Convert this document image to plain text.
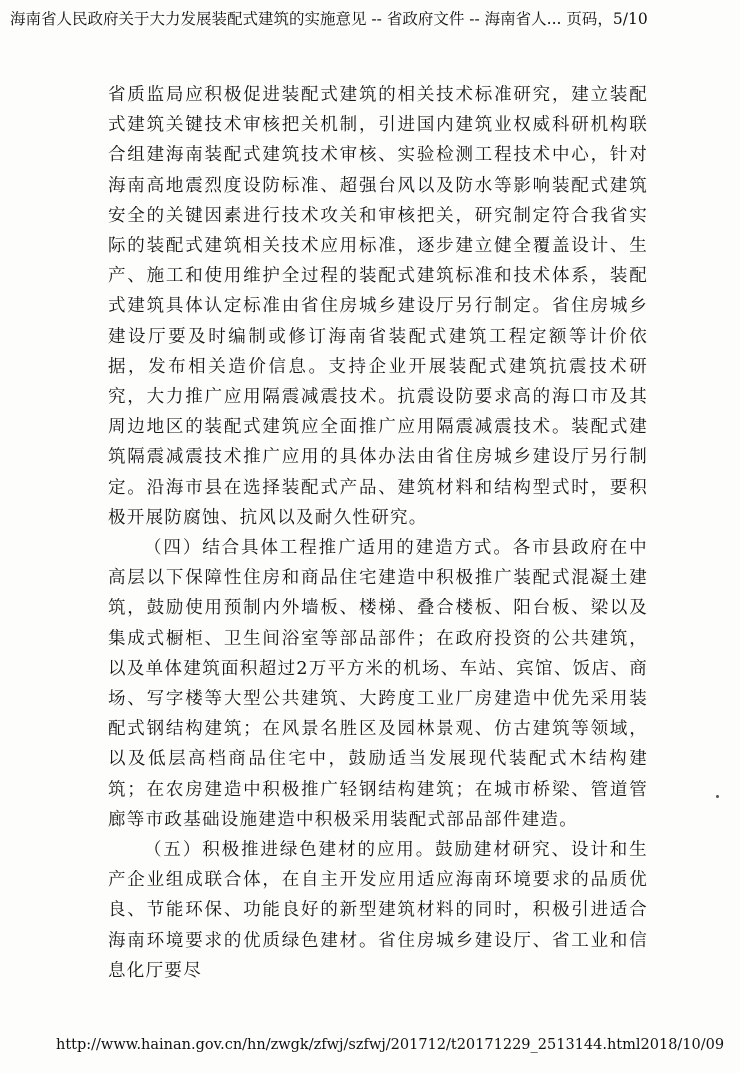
海南省人民政府关于大力发展装配式建筑的实施意见 -- 省政府文件 -- 海南省人... 页码，5/10

省质监局应积极促进装配式建筑的相关技术标准研究，建立装配式建筑关键技术审核把关机制，引进国内建筑业权威科研机构联合组建海南装配式建筑技术审核、实验检测工程技术中心，针对海南高地震烈度设防标准、超强台风以及防水等影响装配式建筑安全的关键因素进行技术攻关和审核把关，研究制定符合我省实际的装配式建筑相关技术应用标准，逐步建立健全覆盖设计、生产、施工和使用维护全过程的装配式建筑标准和技术体系，装配式建筑具体认定标准由省住房城乡建设厅另行制定。省住房城乡建设厅要及时编制或修订海南省装配式建筑工程定额等计价依据，发布相关造价信息。支持企业开展装配式建筑抗震技术研究，大力推广应用隔震减震技术。抗震设防要求高的海口市及其周边地区的装配式建筑应全面推广应用隔震减震技术。装配式建筑隔震减震技术推广应用的具体办法由省住房城乡建设厅另行制定。沿海市县在选择装配式产品、建筑材料和结构型式时，要积极开展防腐蚀、抗风以及耐久性研究。

（四）结合具体工程推广适用的建造方式。各市县政府在中高层以下保障性住房和商品住宅建造中积极推广装配式混凝土建筑，鼓励使用预制内外墙板、楼梯、叠合楼板、阳台板、梁以及集成式橱柜、卫生间浴室等部品部件；在政府投资的公共建筑，以及单体建筑面积超过2万平方米的机场、车站、宾馆、饭店、商场、写字楼等大型公共建筑、大跨度工业厂房建造中优先采用装配式钢结构建筑；在风景名胜区及园林景观、仿古建筑等领域，以及低层高档商品住宅中，鼓励适当发展现代装配式木结构建筑；在农房建造中积极推广轻钢结构建筑；在城市桥梁、管道管廊等市政基础设施建造中积极采用装配式部品部件建造。

（五）积极推进绿色建材的应用。鼓励建材研究、设计和生产企业组成联合体，在自主开发应用适应海南环境要求的品质优良、节能环保、功能良好的新型建筑材料的同时，积极引进适合海南环境要求的优质绿色建材。省住房城乡建设厅、省工业和信息化厅要尽

http://www.hainan.gov.cn/hn/zwgk/zfwj/szfwj/201712/t20171229_2513144.html 2018/10/09
